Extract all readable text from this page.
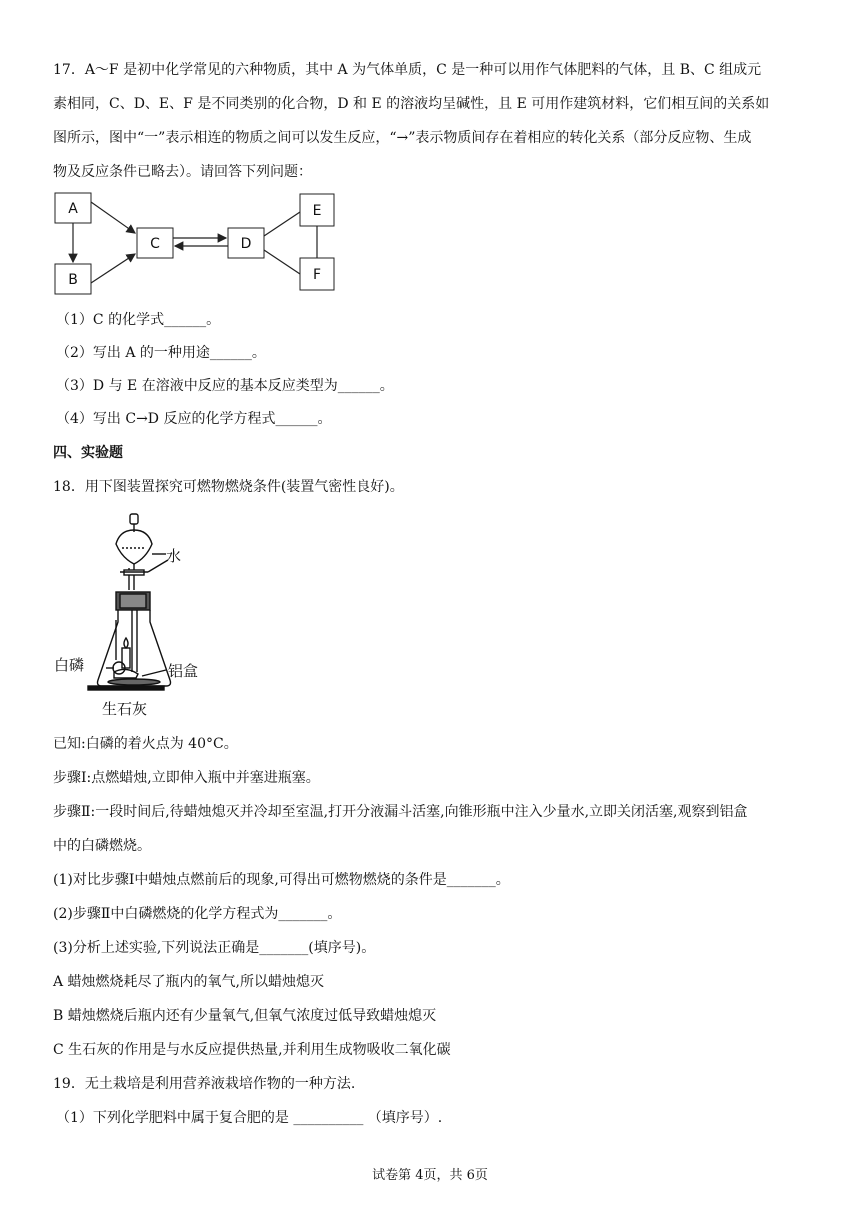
17．A～F 是初中化学常见的六种物质，其中 A 为气体单质，C 是一种可以用作气体肥料的气体，且 B、C 组成元
素相同，C、D、E、F 是不同类别的化合物，D 和 E 的溶液均呈碱性，且 E 可用作建筑材料，它们相互间的关系如
图所示，图中“一”表示相连的物质之间可以发生反应，“→”表示物质间存在着相应的转化关系（部分反应物、生成
物及反应条件已略去）。请回答下列问题：
A
B
C	D
E
F
（1）C 的化学式______。
（2）写出 A 的一种用途______。
（3）D 与 E 在溶液中反应的基本反应类型为______。
（4）写出 C→D 反应的化学方程式______。
四、实验题
18．用下图装置探究可燃物燃烧条件(装置气密性良好)。
水
白磷	铝盒
生石灰
已知:白磷的着火点为 40°C。
步骤Ⅰ:点燃蜡烛,立即伸入瓶中并塞进瓶塞。
步骤Ⅱ:一段时间后,待蜡烛熄灭并冷却至室温,打开分液漏斗活塞,向锥形瓶中注入少量水,立即关闭活塞,观察到铝盒
中的白磷燃烧。
(1)对比步骤Ⅰ中蜡烛点燃前后的现象,可得出可燃物燃烧的条件是_______。
(2)步骤Ⅱ中白磷燃烧的化学方程式为_______。
(3)分析上述实验,下列说法正确是_______(填序号)。
A 蜡烛燃烧耗尽了瓶内的氧气,所以蜡烛熄灭
B 蜡烛燃烧后瓶内还有少量氧气,但氧气浓度过低导致蜡烛熄灭
C 生石灰的作用是与水反应提供热量,并利用生成物吸收二氧化碳
19．无土栽培是利用营养液栽培作物的一种方法.
（1）下列化学肥料中属于复合肥的是 __________ （填序号）.
试卷第 4页，共 6页
